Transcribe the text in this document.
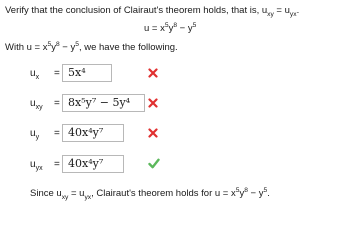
Verify that the conclusion of Clairaut's theorem holds, that is, $u_{xy} = u_{yx}$.
$u = x^5y^8 - y^5$
With $u = x^5y^8 - y^5$, we have the following.
$u_x = 5x^4$
$u_{xy} = 8x^5y^7 - 5y^4$
$u_y = 40x^4y^7$
$u_{yx} = 40x^4y^7$
Since $u_{xy} = u_{yx}$, Clairaut's theorem holds for $u = x^5y^8 - y^5$.
